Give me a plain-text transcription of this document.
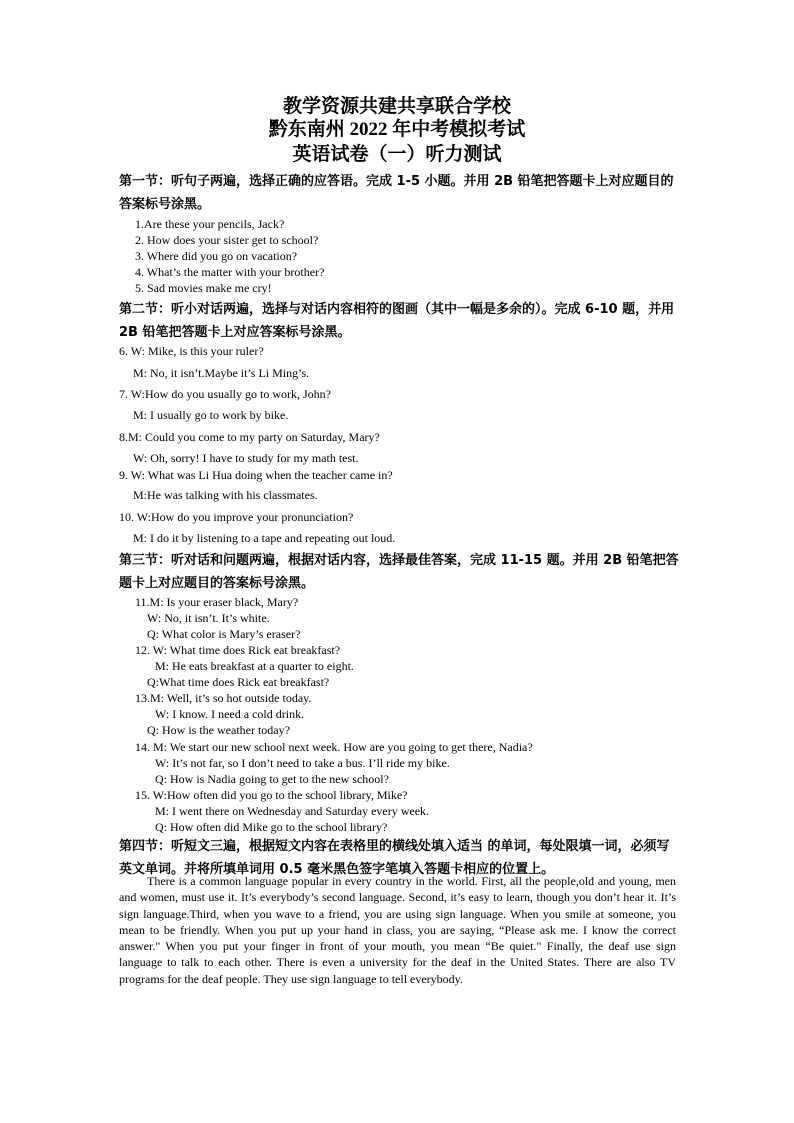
教学资源共建共享联合学校
黔东南州 2022 年中考模拟考试
英语试卷（一）听力测试
第一节：听句子两遍，选择正确的应答语。完成 1-5 小题。并用 2B 铅笔把答题卡上对应题目的答案标号涂黑。
1.Are these your pencils, Jack?
2. How does your sister get to school?
3. Where did you go on vacation?
4. What’s the matter with your brother?
5. Sad movies make me cry!
第二节：听小对话两遍，选择与对话内容相符的图画（其中一幅是多余的）。完成 6-10 题，并用 2B 铅笔把答题卡上对应答案标号涂黑。
6. W: Mike, is this your ruler?
M: No, it isn’t.Maybe it’s Li Ming’s.
7. W:How do you usually go to work, John?
M: I usually go to work by bike.
8.M: Could you come to my party on Saturday, Mary?
W: Oh, sorry! I have to study for my math test.
9. W: What was Li Hua doing when the teacher came in?
M:He was talking with his classmates.
10. W:How do you improve your pronunciation?
M: I do it by listening to a tape and repeating out loud.
第三节：听对话和问题两遍，根据对话内容，选择最佳答案，完成 11-15 题。并用 2B 铅笔把答题卡上对应题目的答案标号涂黑。
11.M: Is your eraser black, Mary?
W: No, it isn’t. It’s white.
Q: What color is Mary’s eraser?
12. W: What time does Rick eat breakfast?
M: He eats breakfast at a quarter to eight.
Q:What time does Rick eat breakfast?
13.M: Well, it’s so hot outside today.
W: I know. I need a cold drink.
Q: How is the weather today?
14. M: We start our new school next week. How are you going to get there, Nadia?
W: It’s not far, so I don’t need to take a bus. I’ll ride my bike.
Q: How is Nadia going to get to the new school?
15. W:How often did you go to the school library, Mike?
M: I went there on Wednesday and Saturday every week.
Q: How often did Mike go to the school library?
第四节：听短文三遍，根据短文内容在表格里的横线处填入适当 的单词，每处限填一词，必须写英文单词。并将所填单词用 0.5 毫米黑色签字笔填入答题卡相应的位置上。
There is a common language popular in every country in the world. First, all the people,old and young, men and women, must use it. It’s everybody’s second language. Second, it’s easy to learn, though you don’t hear it. It’s sign language.Third, when you wave to a friend, you are using sign language. When you smile at someone, you mean to be friendly. When you put up your hand in class, you are saying, “Please ask me. I know the correct answer." When you put your finger in front of your mouth, you mean “Be quiet." Finally, the deaf use sign language to talk to each other. There is even a university for the deaf in the United States. There are also TV programs for the deaf people. They use sign language to tell everybody.
